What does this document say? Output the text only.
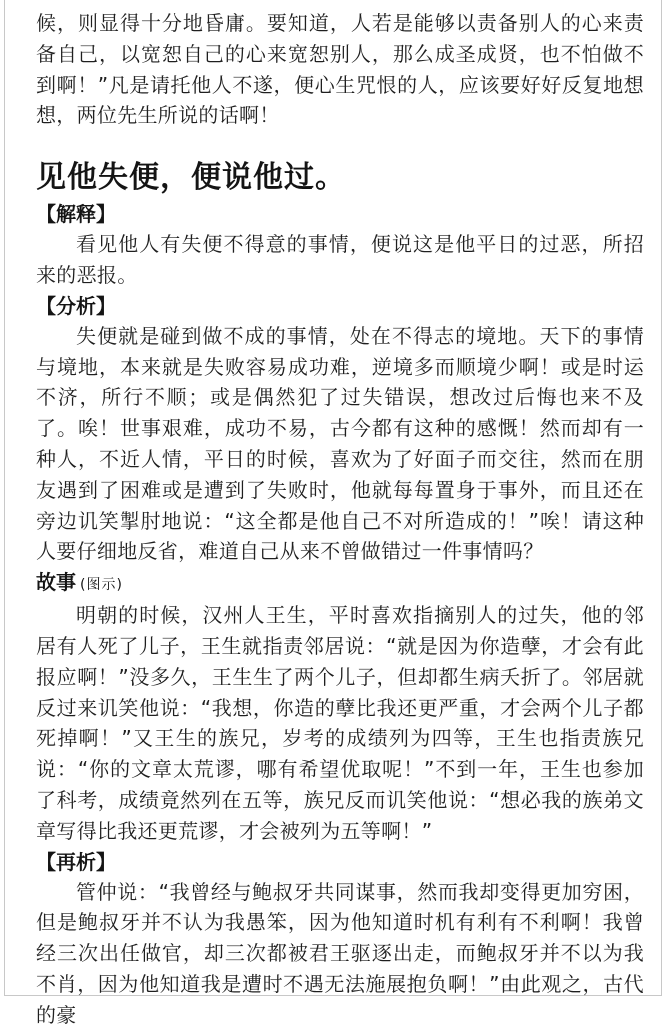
候，则显得十分地昏庸。要知道，人若是能够以责备别人的心来责备自己，以宽恕自己的心来宽恕别人，那么成圣成贤，也不怕做不到啊！”凡是请托他人不遂，便心生咒恨的人，应该要好好反复地想想，两位先生所说的话啊！

见他失便，便说他过。

【解释】

看见他人有失便不得意的事情，便说这是他平日的过恶，所招来的恶报。

【分析】

失便就是碰到做不成的事情，处在不得志的境地。天下的事情与境地，本来就是失败容易成功难，逆境多而顺境少啊！或是时运不济，所行不顺；或是偶然犯了过失错误，想改过后悔也来不及了。唉！世事艰难，成功不易，古今都有这种的感慨！然而却有一种人，不近人情，平日的时候，喜欢为了好面子而交往，然而在朋友遇到了困难或是遭到了失败时，他就每每置身于事外，而且还在旁边讥笑掣肘地说：“这全都是他自己不对所造成的！”唉！请这种人要仔细地反省，难道自己从来不曾做错过一件事情吗？

故事 (图示)

明朝的时候，汉州人王生，平时喜欢指摘别人的过失，他的邻居有人死了儿子，王生就指责邻居说：“就是因为你造孽，才会有此报应啊！”没多久，王生生了两个儿子，但却都生病夭折了。邻居就反过来讥笑他说：“我想，你造的孽比我还更严重，才会两个儿子都死掉啊！”又王生的族兄，岁考的成绩列为四等，王生也指责族兄说：“你的文章太荒谬，哪有希望优取呢！”不到一年，王生也参加了科考，成绩竟然列在五等，族兄反而讥笑他说：“想必我的族弟文章写得比我还更荒谬，才会被列为五等啊！”

【再析】

管仲说：“我曾经与鲍叔牙共同谋事，然而我却变得更加穷困，但是鲍叔牙并不认为我愚笨，因为他知道时机有利有不利啊！我曾经三次出任做官，却三次都被君王驱逐出走，而鲍叔牙并不以为我不肖，因为他知道我是遭时不遇无法施展抱负啊！”由此观之，古代的豪
